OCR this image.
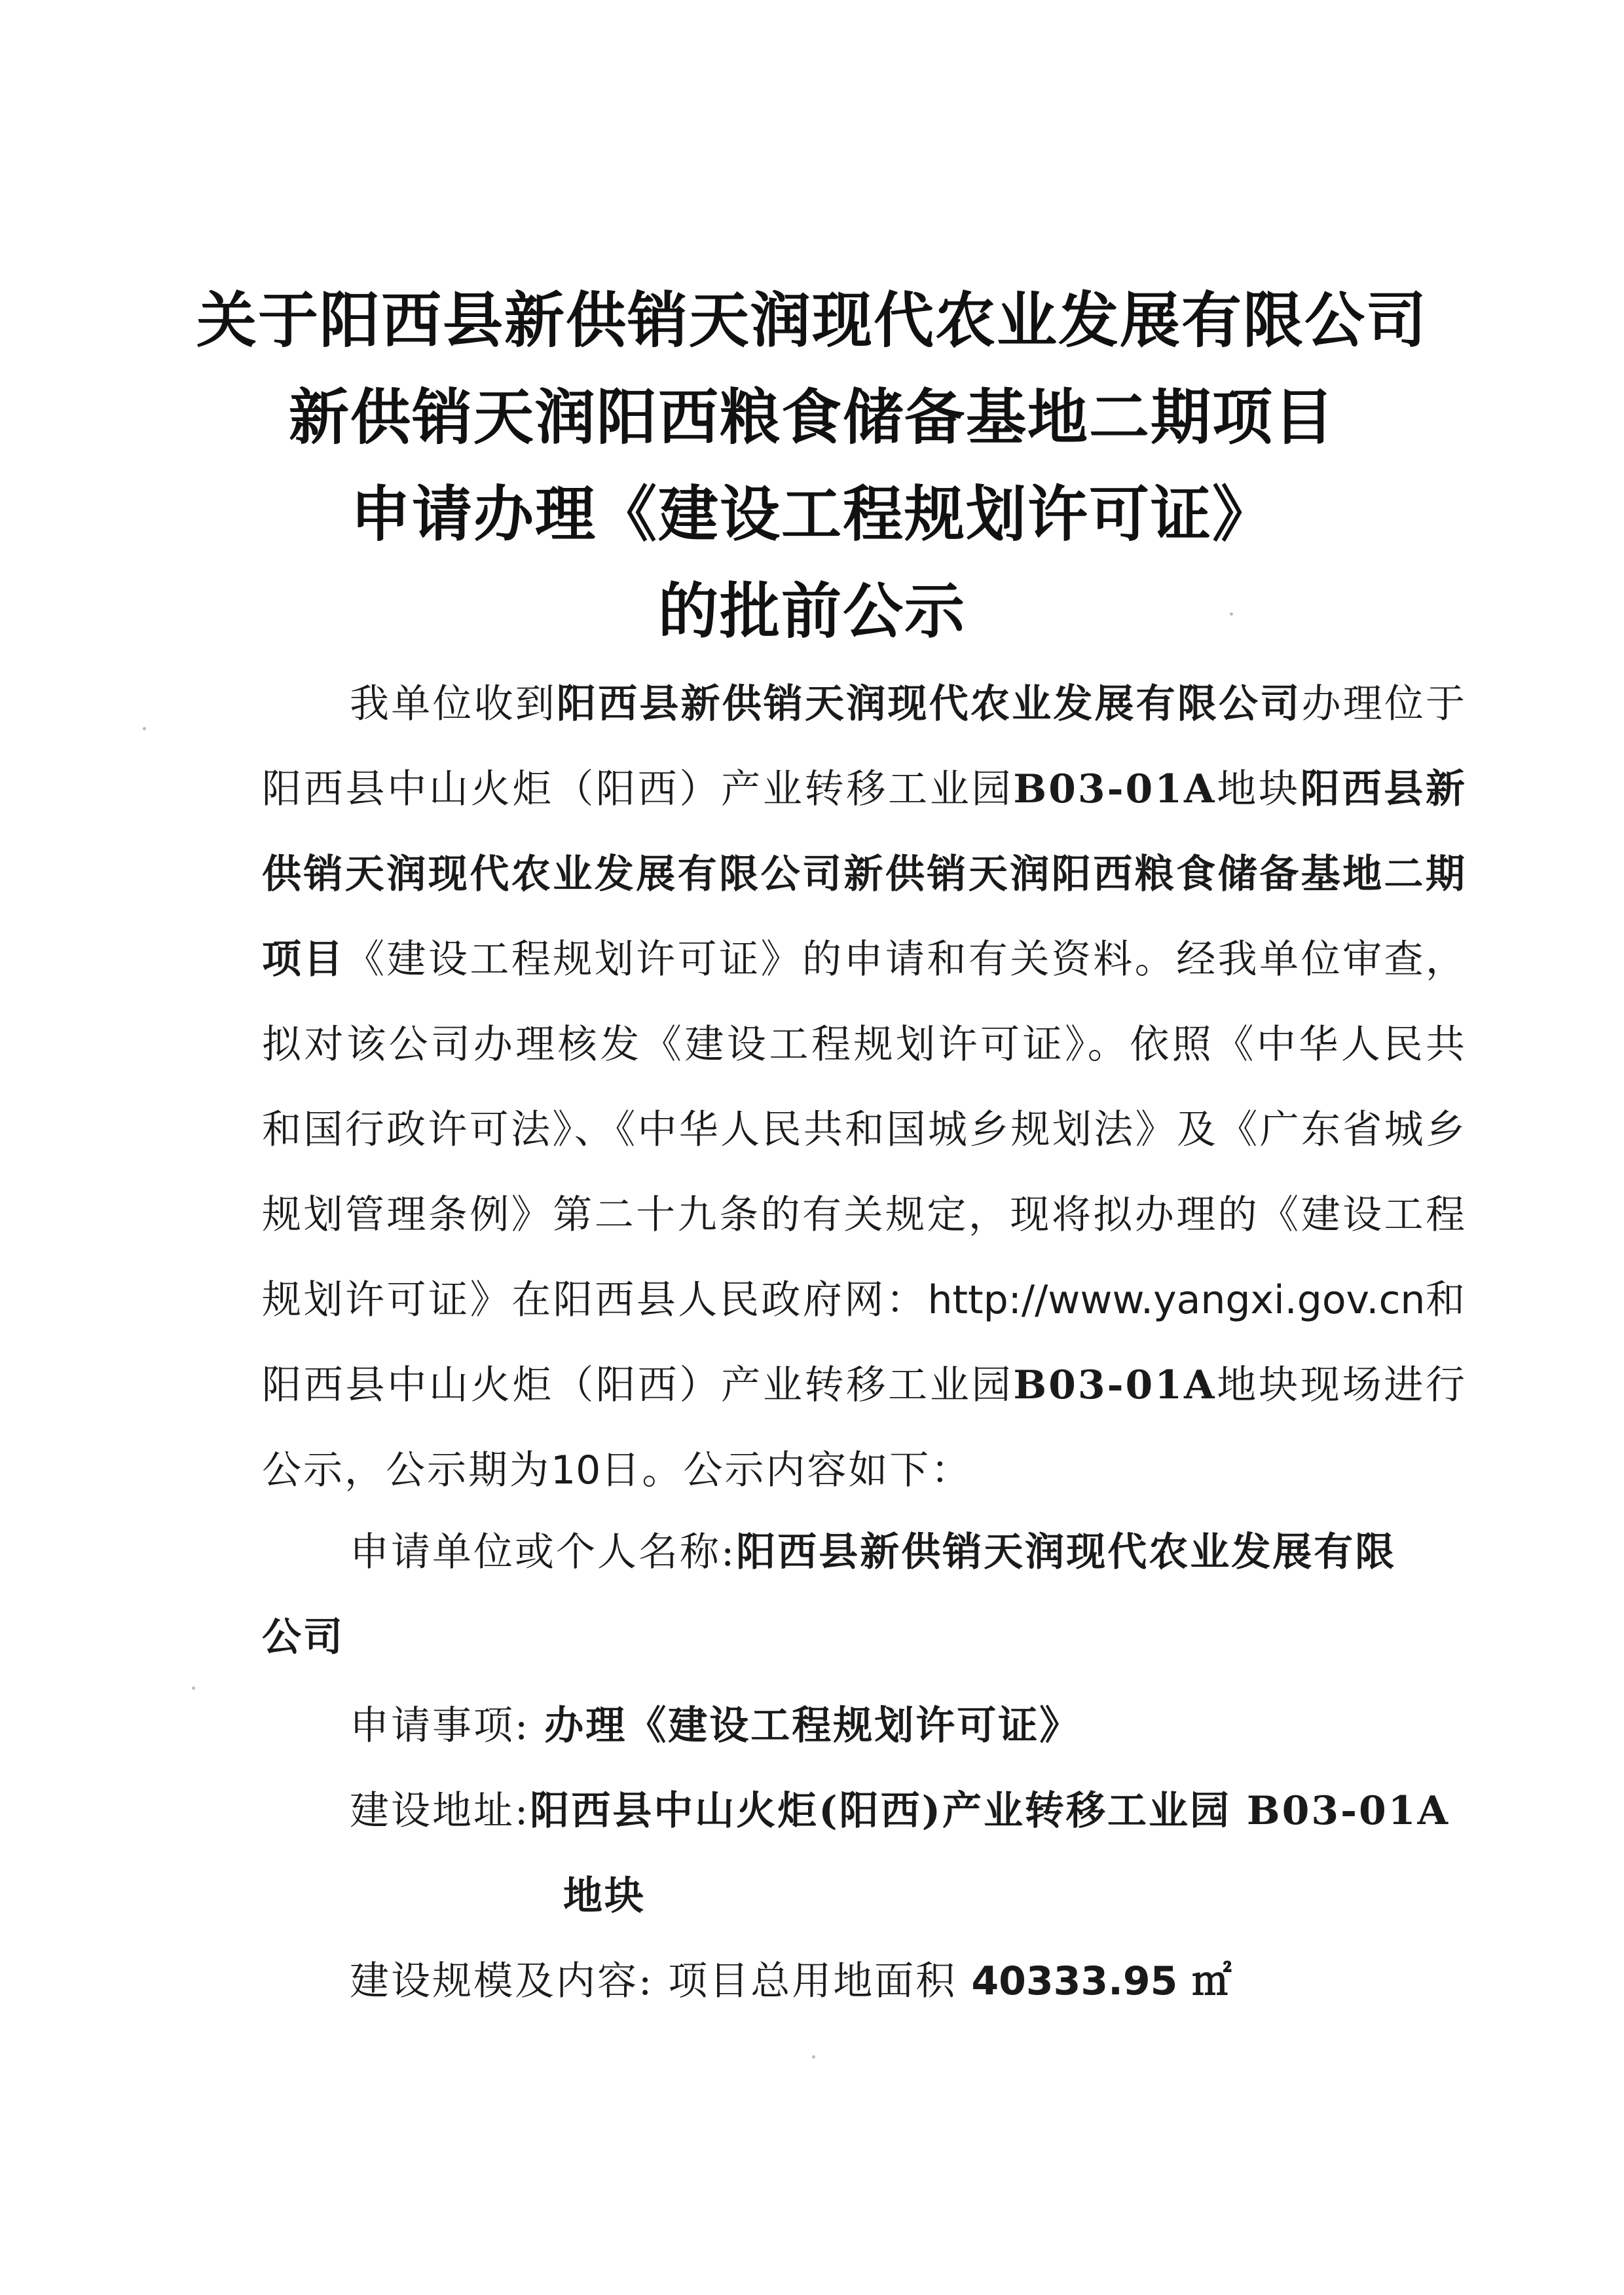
关于阳西县新供销天润现代农业发展有限公司
新供销天润阳西粮食储备基地二期项目
申请办理《建设工程规划许可证》
的批前公示

我单位收到阳西县新供销天润现代农业发展有限公司办理位于阳西县中山火炬（阳西）产业转移工业园B03-01A地块阳西县新供销天润现代农业发展有限公司新供销天润阳西粮食储备基地二期项目《建设工程规划许可证》的申请和有关资料。经我单位审查，拟对该公司办理核发《建设工程规划许可证》。依照《中华人民共和国行政许可法》、《中华人民共和国城乡规划法》及《广东省城乡规划管理条例》第二十九条的有关规定，现将拟办理的《建设工程规划许可证》在阳西县人民政府网：http://www.yangxi.gov.cn和阳西县中山火炬（阳西）产业转移工业园B03-01A地块现场进行公示，公示期为10日。公示内容如下：

申请单位或个人名称:阳西县新供销天润现代农业发展有限
公司
申请事项: 办理《建设工程规划许可证》
建设地址:阳西县中山火炬(阳西)产业转移工业园 B03-01A
地块
建设规模及内容: 项目总用地面积 40333.95 ㎡
